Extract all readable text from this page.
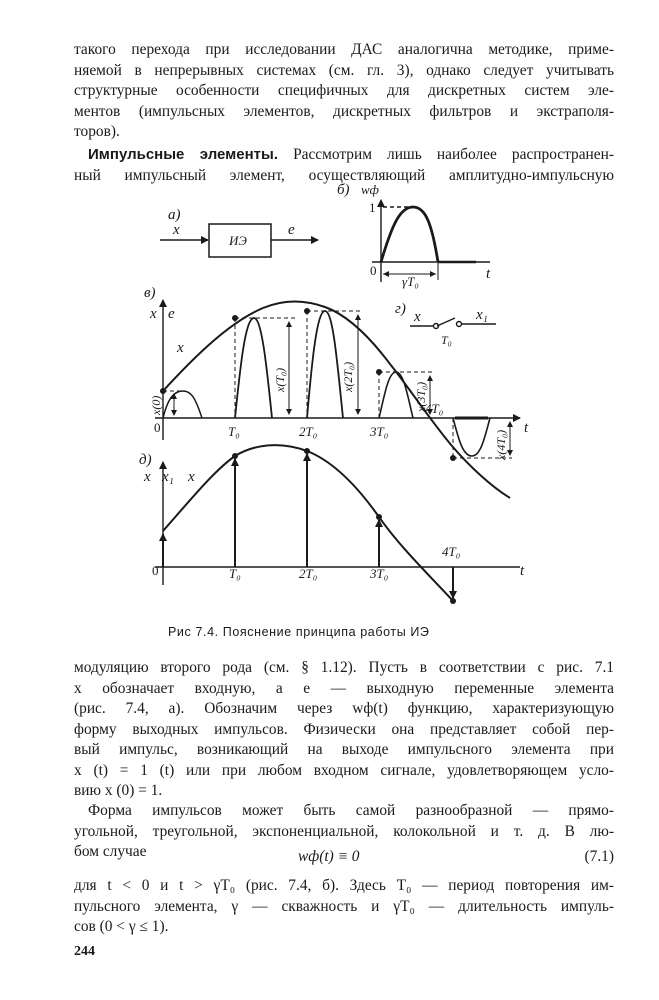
такого перехода при исследовании ДАС аналогична методике, приме-
няемой в непрерывных системах (см. гл. 3), однако следует учитывать
структурные особенности специфичных для дискретных систем эле-
ментов (импульсных элементов, дискретных фильтров и экстраполя-
торов).
Импульсные элементы. Рассмотрим лишь наиболее распространен-
ный импульсный элемент, осуществляющий амплитудно-импульсную
а)
x
ИЭ
e
б) wф
1
0
γT₀	t
в)
x e
x
0	T₀	2T₀	3T₀
4T₀
t
x(0)
x(T₀)	x(2T₀)
x(3T₀)
x(4T₀)
г) x	x₁
T₀
д)
x x₁ x
0	T₀	2T₀	3T₀
4T₀
t
Рис 7.4. Пояснение принципа работы ИЭ
модуляцию второго рода (см. § 1.12). Пусть в соответствии с рис. 7.1
x обозначает входную, а e — выходную переменные элемента
(рис. 7.4, а). Обозначим через wф(t) функцию, характеризующую
форму выходных импульсов. Физически она представляет собой пер-
вый импульс, возникающий на выходе импульсного элемента при
x (t) = 1 (t) или при любом входном сигнале, удовлетворяющем усло-
вию x (0) = 1.
Форма импульсов может быть самой разнообразной — прямо-
угольной, треугольной, экспоненциальной, колокольной и т. д. В лю-
бом случае	wф(t) ≡ 0	(7.1)
для t < 0 и t > γT₀ (рис. 7.4, б). Здесь T₀ — период повторения им-
пульсного элемента, γ — скважность и γT₀ — длительность импуль-
сов (0 < γ ≤ 1).
244
